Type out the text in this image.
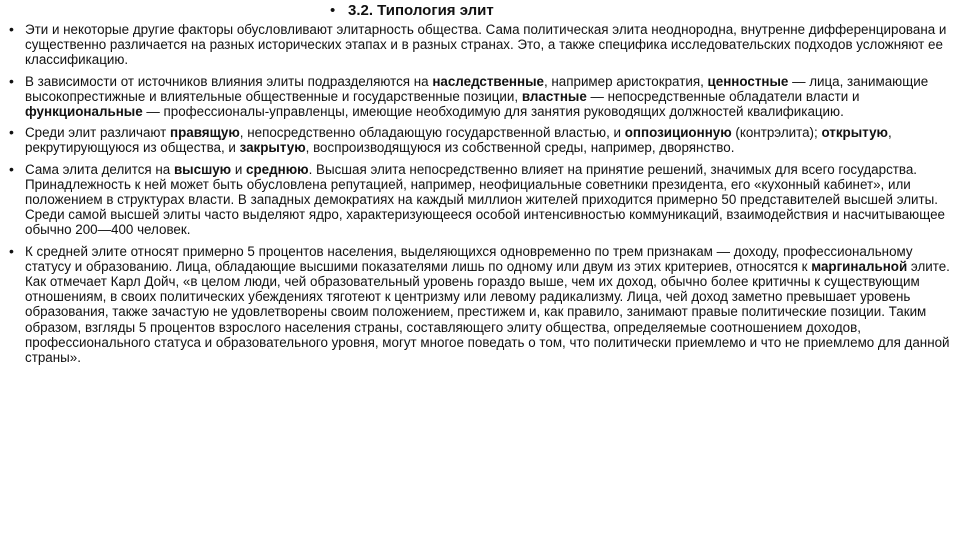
• 3.2. Типология элит
• Эти и некоторые другие факторы обусловливают элитарность общества. Сама политическая элита неоднородна, внутренне дифференцирована и существенно различается на разных исторических этапах и в разных странах. Это, а также специфика исследовательских подходов усложняют ее классификацию.
• В зависимости от источников влияния элиты подразделяются на наследственные, например аристократия, ценностные — лица, занимающие высокопрестижные и влиятельные общественные и государственные позиции, властные — непосредственные обладатели власти и функциональные — профессионалы-управленцы, имеющие необходимую для занятия руководящих должностей квалификацию.
• Среди элит различают правящую, непосредственно обладающую государственной властью, и оппозиционную (контрэлита); открытую, рекрутирующуюся из общества, и закрытую, воспроизводящуюся из собственной среды, например, дворянство.
• Сама элита делится на высшую и среднюю. Высшая элита непосредственно влияет на принятие решений, значимых для всего государства. Принадлежность к ней может быть обусловлена репутацией, например, неофициальные советники президента, его «кухонный кабинет», или положением в структурах власти. В западных демократиях на каждый миллион жителей приходится примерно 50 представителей высшей элиты. Среди самой высшей элиты часто выделяют ядро, характеризующееся особой интенсивностью коммуникаций, взаимодействия и насчитывающее обычно 200—400 человек.
• К средней элите относят примерно 5 процентов населения, выделяющихся одновременно по трем признакам — доходу, профессиональному статусу и образованию. Лица, обладающие высшими показателями лишь по одному или двум из этих критериев, относятся к маргинальной элите. Как отмечает Карл Дойч, «в целом люди, чей образовательный уровень гораздо выше, чем их доход, обычно более критичны к существующим отношениям, в своих политических убеждениях тяготеют к центризму или левому радикализму. Лица, чей доход заметно превышает уровень образования, также зачастую не удовлетворены своим положением, престижем и, как правило, занимают правые политические позиции. Таким образом, взгляды 5 процентов взрослого населения страны, составляющего элиту общества, определяемые соотношением доходов, профессионального статуса и образовательного уровня, могут многое поведать о том, что политически приемлемо и что не приемлемо для данной страны».
